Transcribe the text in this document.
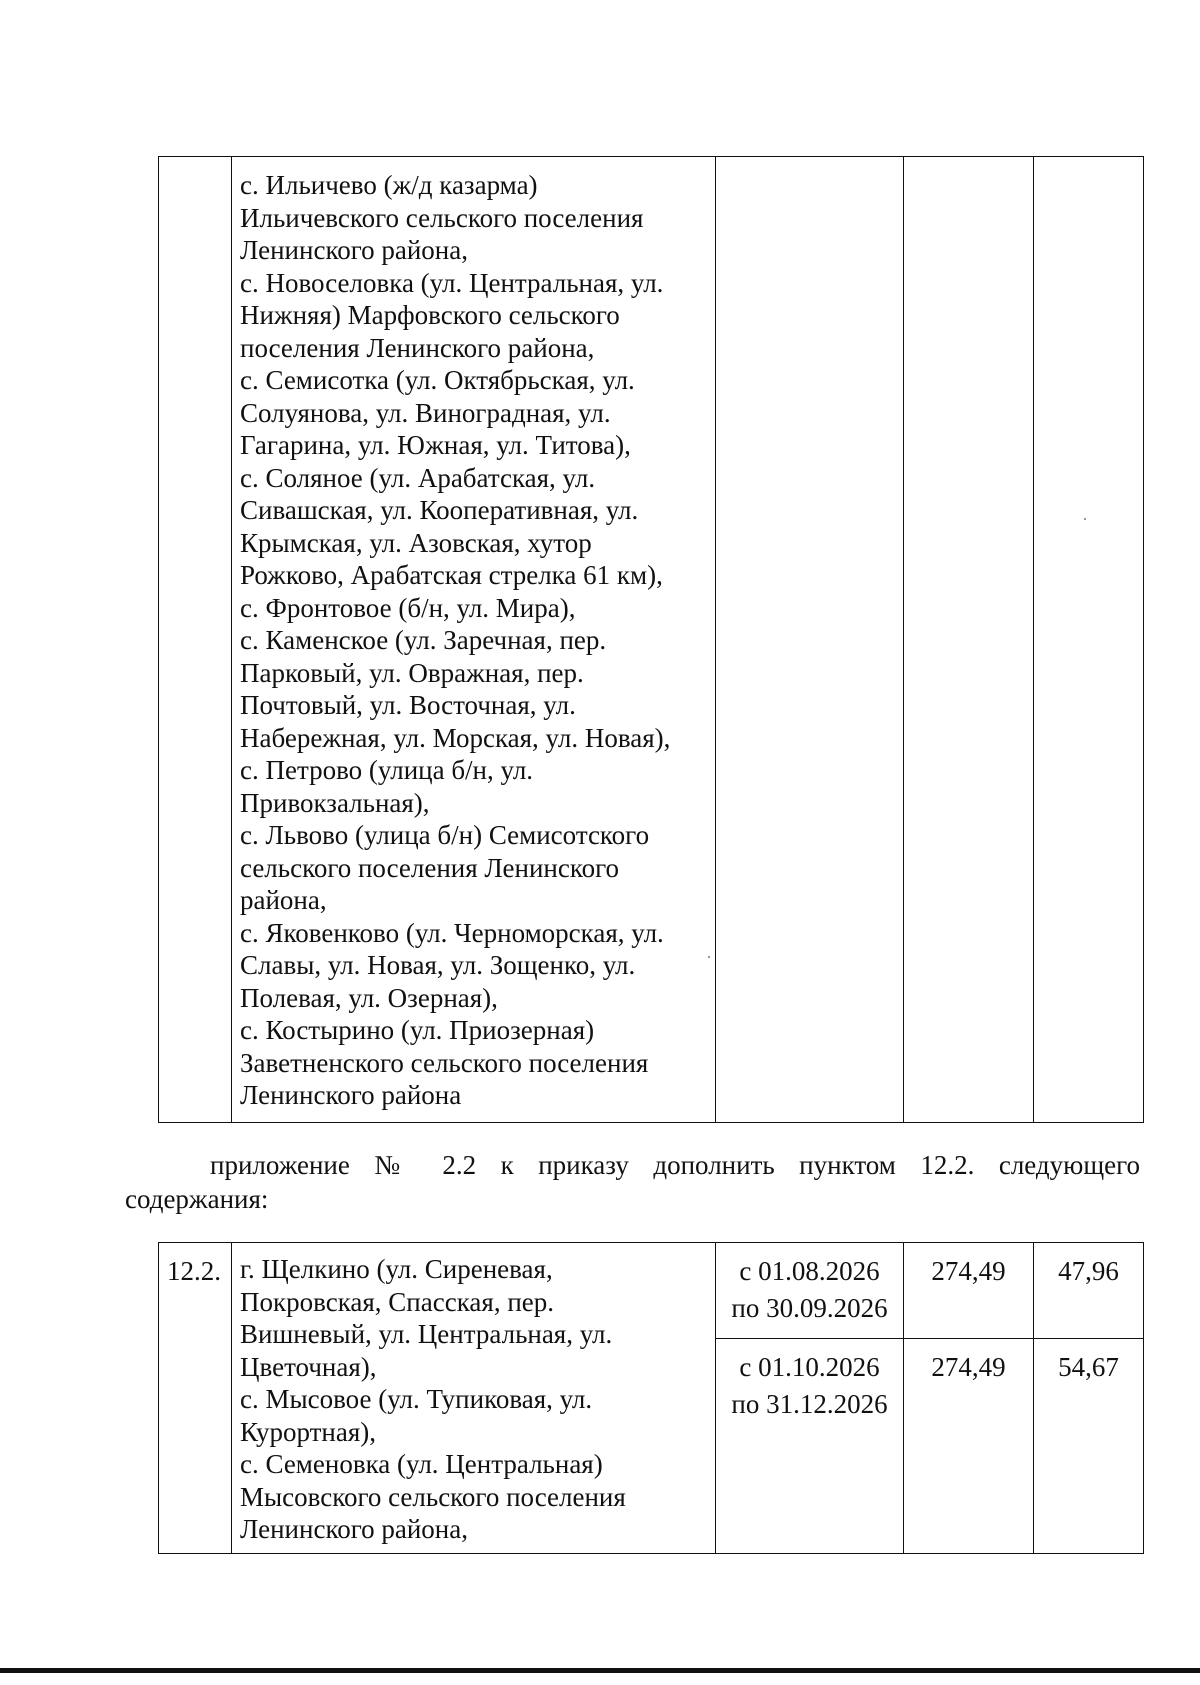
с. Ильичево (ж/д казарма)
Ильичевского сельского поселения
Ленинского района,
с. Новоселовка (ул. Центральная, ул.
Нижняя) Марфовского сельского
поселения Ленинского района,
с. Семисотка (ул. Октябрьская, ул.
Солуянова, ул. Виноградная, ул.
Гагарина, ул. Южная, ул. Титова),
с. Соляное (ул. Арабатская, ул.
Сивашская, ул. Кооперативная, ул.
Крымская, ул. Азовская, хутор
Рожково, Арабатская стрелка 61 км),
с. Фронтовое (б/н, ул. Мира),
с. Каменское (ул. Заречная, пер.
Парковый, ул. Овражная, пер.
Почтовый, ул. Восточная, ул.
Набережная, ул. Морская, ул. Новая),
с. Петрово (улица б/н, ул.
Привокзальная),
с. Львово (улица б/н) Семисотского
сельского поселения Ленинского
района,
с. Яковенково (ул. Черноморская, ул.
Славы, ул. Новая, ул. Зощенко, ул.
Полевая, ул. Озерная),
с. Костырино (ул. Приозерная)
Заветненского сельского поселения
Ленинского района
приложение № 2.2 к приказу дополнить пунктом 12.2. следующего
содержания:
12.2. г. Щелкино (ул. Сиреневая,
Покровская, Спасская, пер.
Вишневый, ул. Центральная, ул.
Цветочная),
с. Мысовое (ул. Тупиковая, ул.
Курортная),
с. Семеновка (ул. Центральная)
Мысовского сельского поселения
Ленинского района,
с 01.08.2026
по 30.09.2026
274,49	47,96
с 01.10.2026
по 31.12.2026
274,49	54,67
